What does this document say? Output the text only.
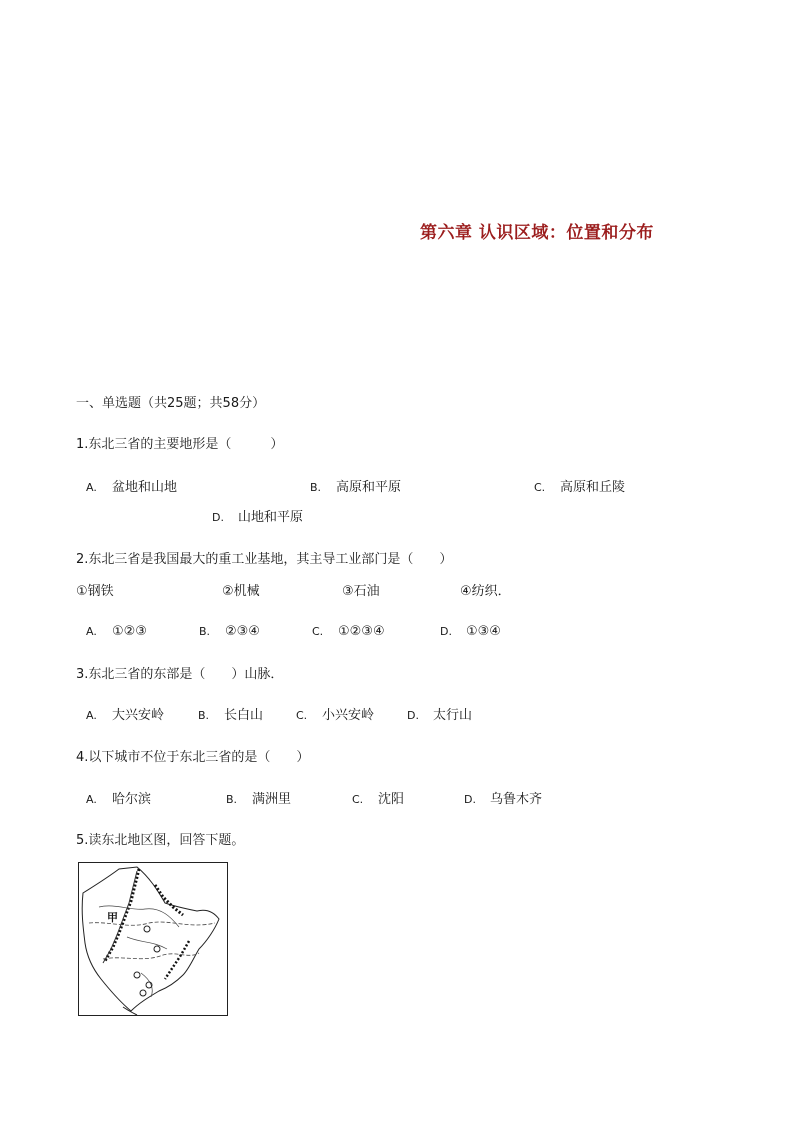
第六章 认识区域：位置和分布
一、单选题（共25题；共58分）
1.东北三省的主要地形是（　　　）
A. 盆地和山地	B. 高原和平原	C. 高原和丘陵
D. 山地和平原
2.东北三省是我国最大的重工业基地，其主导工业部门是（　　）
①钢铁	②机械	③石油	④纺织．
A. ①②③	B. ②③④	C. ①②③④	D. ①③④
3.东北三省的东部是（　　）山脉．
A. 大兴安岭	B. 长白山	C. 小兴安岭	D. 太行山
4.以下城市不位于东北三省的是（　　）
A. 哈尔滨	B. 满洲里	C. 沈阳	D. 乌鲁木齐
5.读东北地区图，回答下题。
甲
